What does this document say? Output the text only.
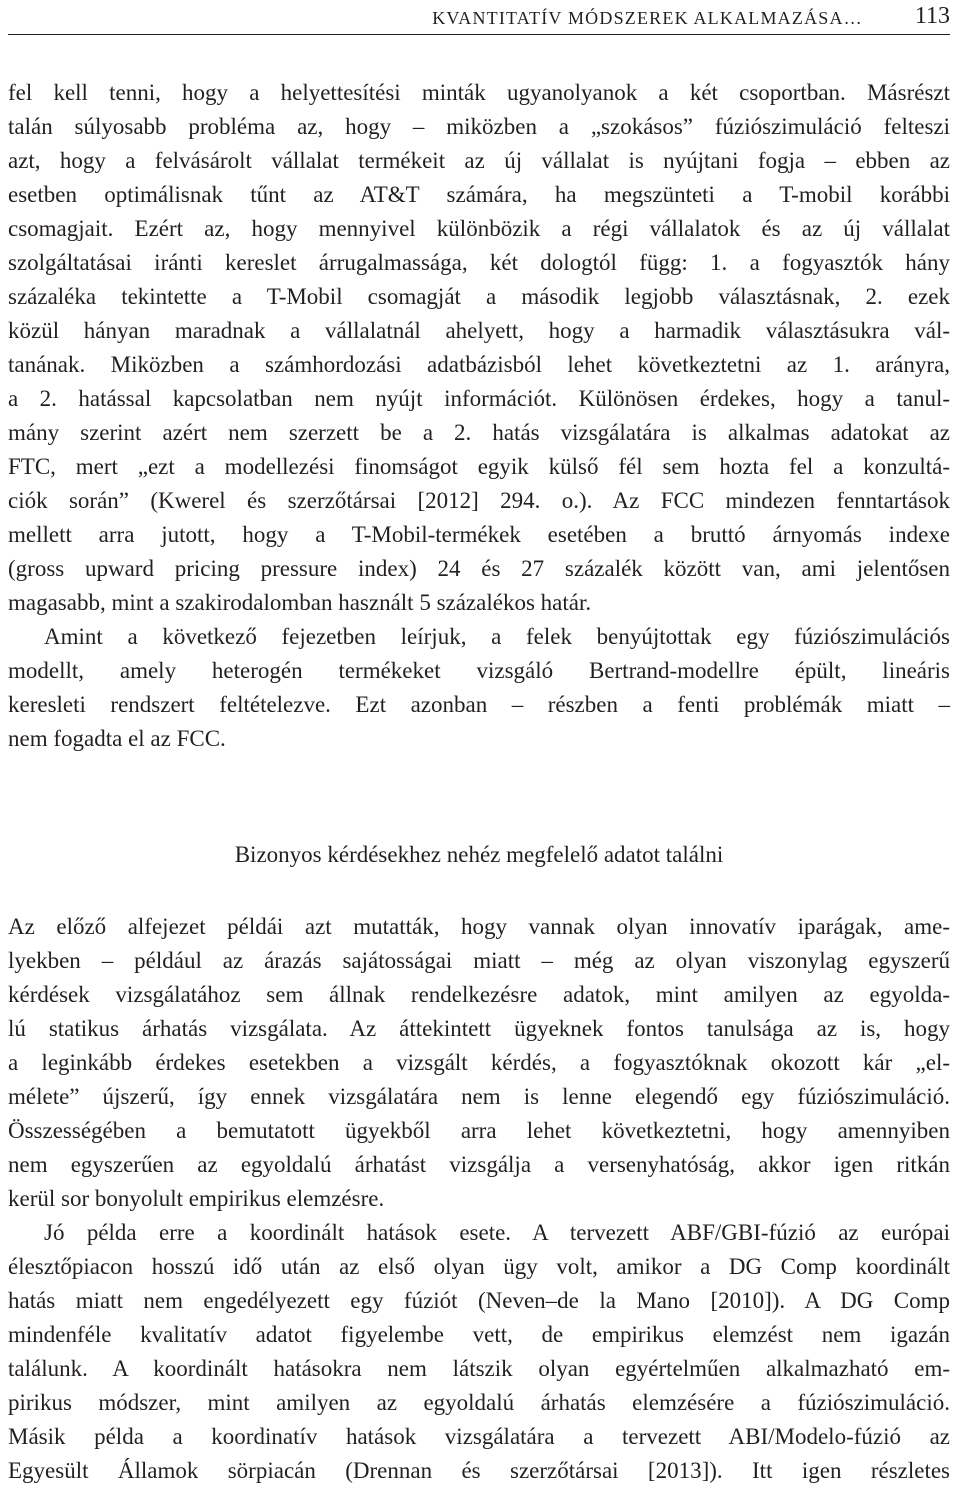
KVANTITATÍV MÓDSZEREK ALKALMAZÁSA… 113
fel kell tenni, hogy a helyettesítési minták ugyanolyanok a két csoportban. Másrészt
talán súlyosabb probléma az, hogy – miközben a „szokásos” fúziószimuláció felteszi
azt, hogy a felvásárolt vállalat termékeit az új vállalat is nyújtani fogja – ebben az
esetben optimálisnak tűnt az AT&T számára, ha megszünteti a T-mobil korábbi
csomagjait. Ezért az, hogy mennyivel különbözik a régi vállalatok és az új vállalat
szolgáltatásai iránti kereslet árrugalmassága, két dologtól függ: 1. a fogyasztók hány
százaléka tekintette a T-Mobil csomagját a második legjobb választásnak, 2. ezek
közül hányan maradnak a vállalatnál ahelyett, hogy a harmadik választásukra vál-
tanának. Miközben a számhordozási adatbázisból lehet következtetni az 1. arányra,
a 2. hatással kapcsolatban nem nyújt információt. Különösen érdekes, hogy a tanul-
mány szerint azért nem szerzett be a 2. hatás vizsgálatára is alkalmas adatokat az
FTC, mert „ezt a modellezési finomságot egyik külső fél sem hozta fel a konzultá-
ciók során” (Kwerel és szerzőtársai [2012] 294. o.). Az FCC mindezen fenntartások
mellett arra jutott, hogy a T-Mobil-termékek esetében a bruttó árnyomás indexe
(gross upward pricing pressure index) 24 és 27 százalék között van, ami jelentősen
magasabb, mint a szakirodalomban használt 5 százalékos határ.
Amint a következő fejezetben leírjuk, a felek benyújtottak egy fúziószimulációs
modellt, amely heterogén termékeket vizsgáló Bertrand-modellre épült, lineáris
keresleti rendszert feltételezve. Ezt azonban – részben a fenti problémák miatt –
nem fogadta el az FCC.
Bizonyos kérdésekhez nehéz megfelelő adatot találni
Az előző alfejezet példái azt mutatták, hogy vannak olyan innovatív iparágak, ame-
lyekben – például az árazás sajátosságai miatt – még az olyan viszonylag egyszerű
kérdések vizsgálatához sem állnak rendelkezésre adatok, mint amilyen az egyolda-
lú statikus árhatás vizsgálata. Az áttekintett ügyeknek fontos tanulsága az is, hogy
a leginkább érdekes esetekben a vizsgált kérdés, a fogyasztóknak okozott kár „el-
mélete” újszerű, így ennek vizsgálatára nem is lenne elegendő egy fúziószimuláció.
Összességében a bemutatott ügyekből arra lehet következtetni, hogy amennyiben
nem egyszerűen az egyoldalú árhatást vizsgálja a versenyhatóság, akkor igen ritkán
kerül sor bonyolult empirikus elemzésre.
Jó példa erre a koordinált hatások esete. A tervezett ABF/GBI-fúzió az európai
élesztőpiacon hosszú idő után az első olyan ügy volt, amikor a DG Comp koordinált
hatás miatt nem engedélyezett egy fúziót (Neven–de la Mano [2010]). A DG Comp
mindenféle kvalitatív adatot figyelembe vett, de empirikus elemzést nem igazán
találunk. A koordinált hatásokra nem látszik olyan egyértelműen alkalmazható em-
pirikus módszer, mint amilyen az egyoldalú árhatás elemzésére a fúziószimuláció.
Másik példa a koordinatív hatások vizsgálatára a tervezett ABI/Modelo-fúzió az
Egyesült Államok sörpiacán (Drennan és szerzőtársai [2013]). Itt igen részletes
